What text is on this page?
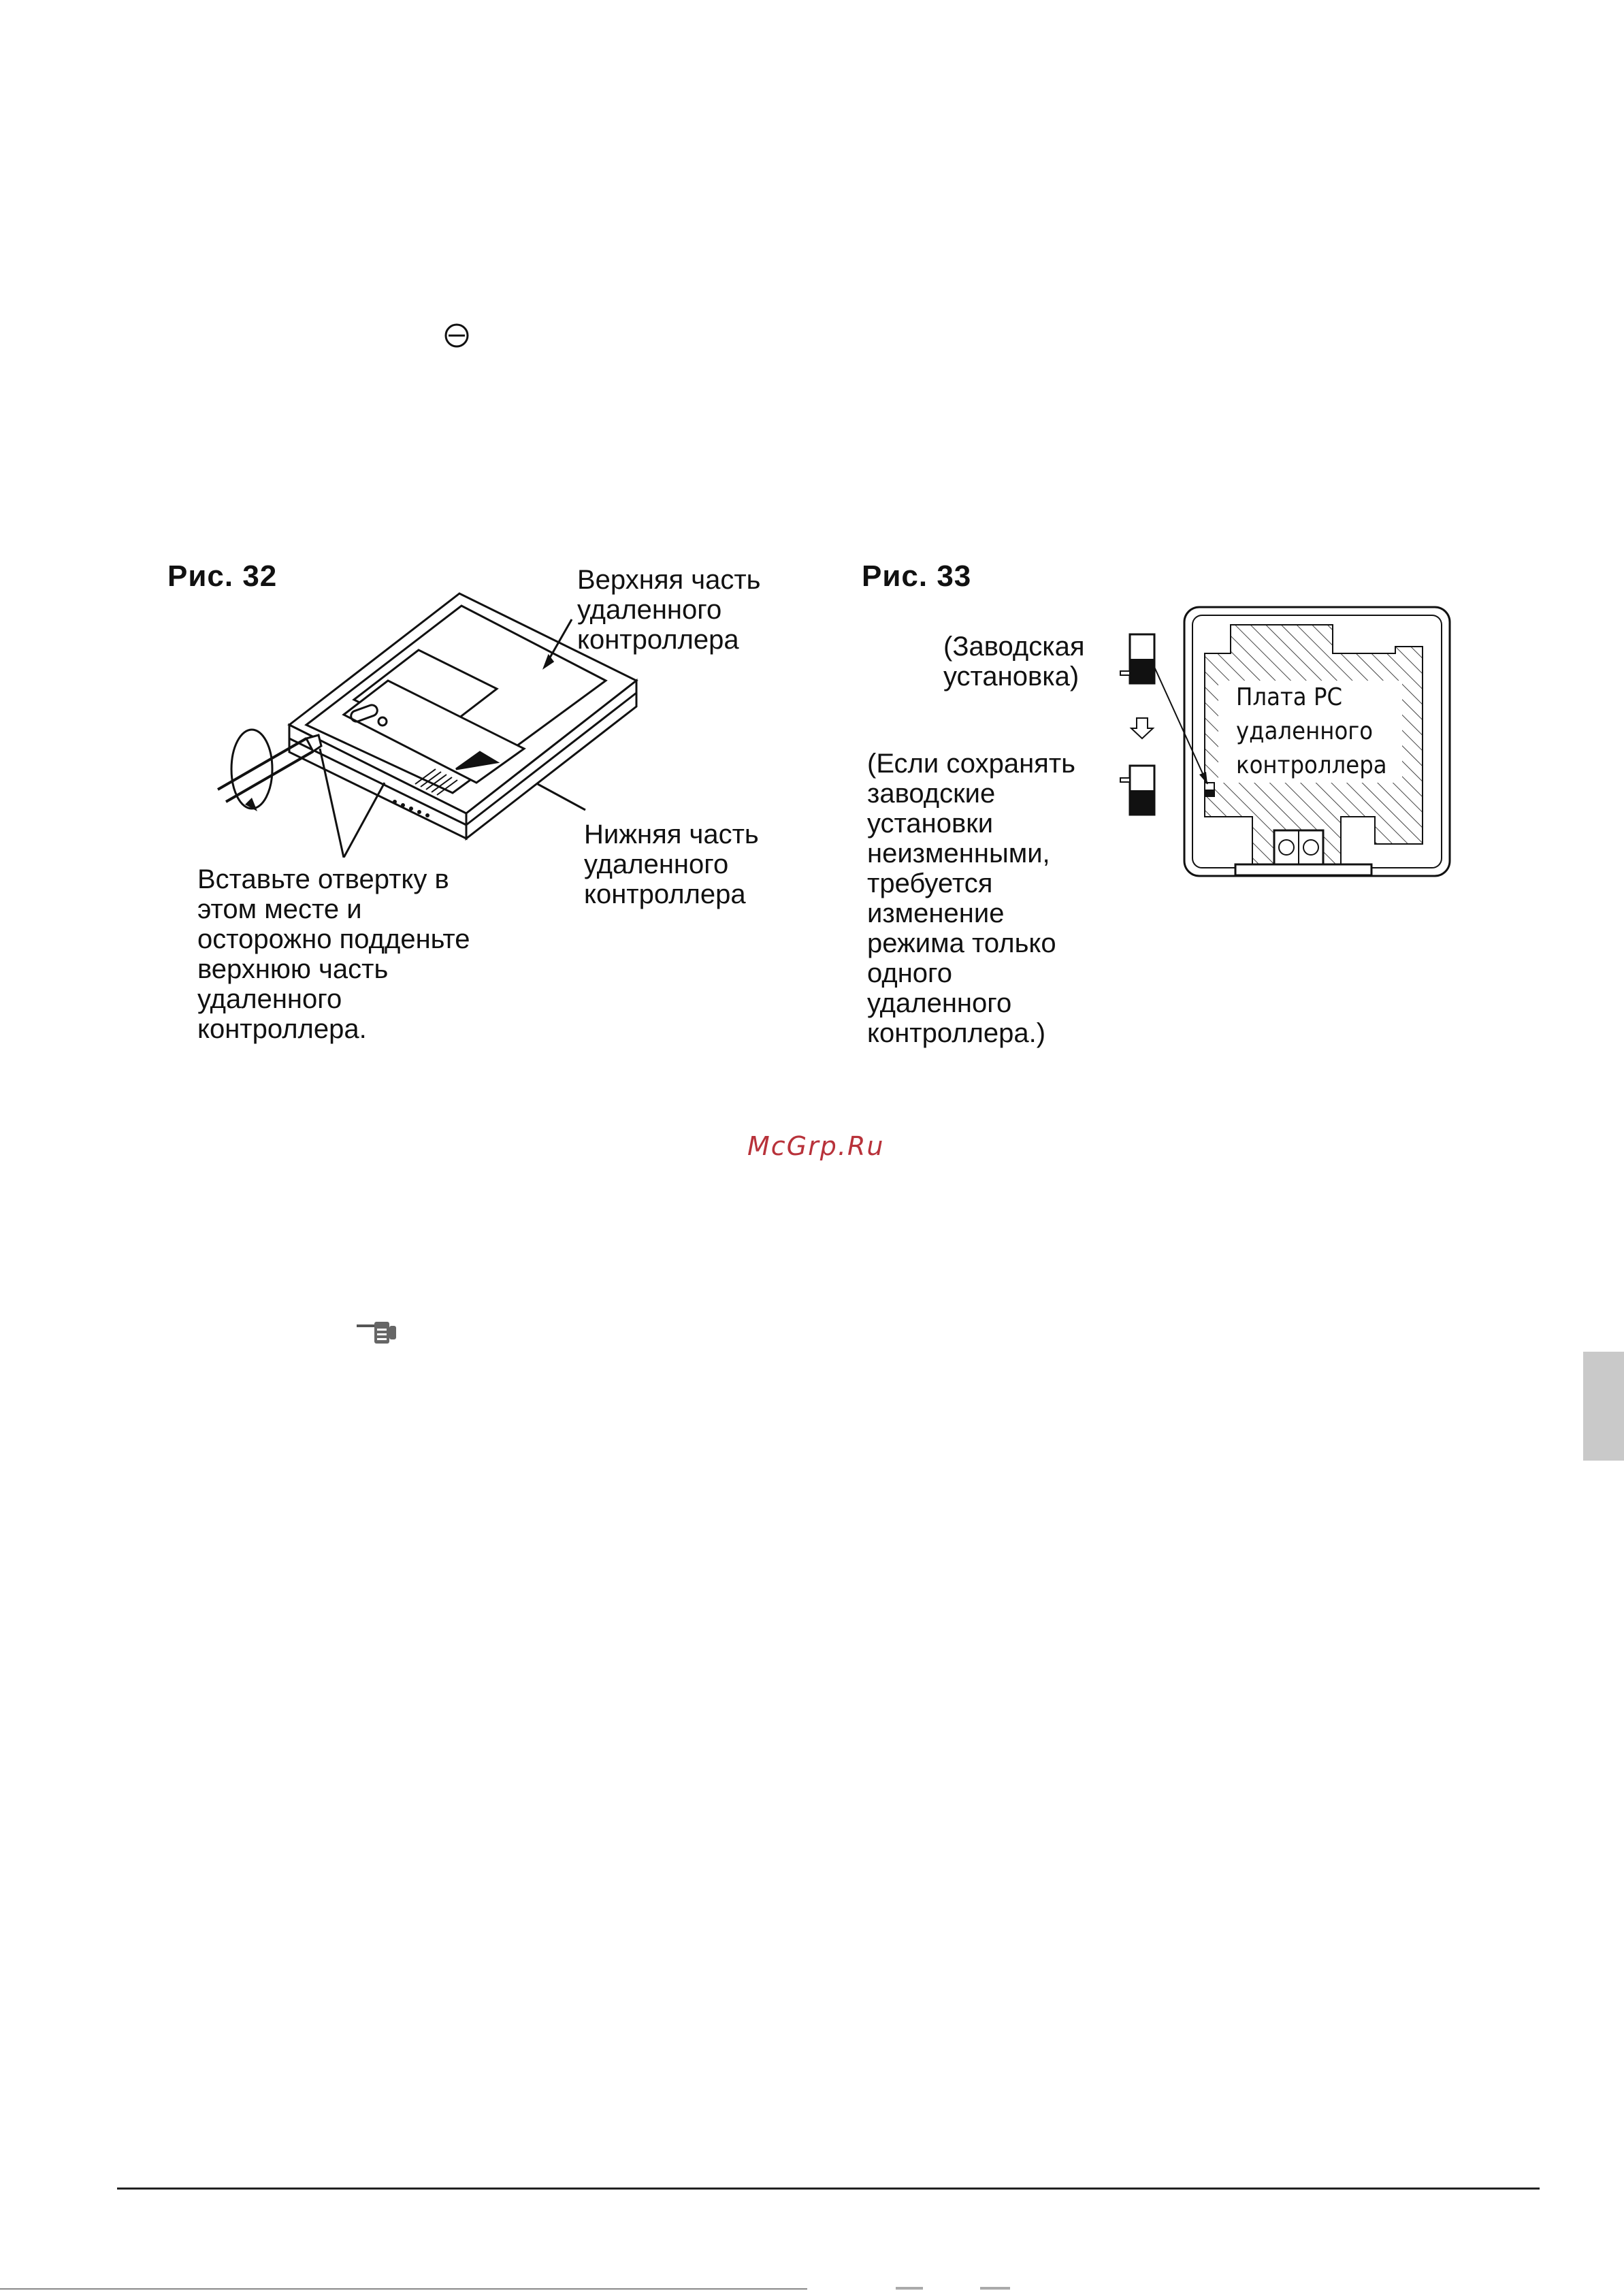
Рис. 32	Верхняя часть
удаленного
контроллера
Нижняя часть
удаленного
контроллера
Вставьте отвертку в
этом месте и
осторожно подденьте
верхнюю часть
удаленного
контроллера.
Рис. 33
(Заводская
установка)
(Если сохранять
заводские
установки
неизменными,
требуется
изменение
режима только
одного
удаленного
контроллера.)
Плата PC
удаленного
контроллера
McGrp.Ru
